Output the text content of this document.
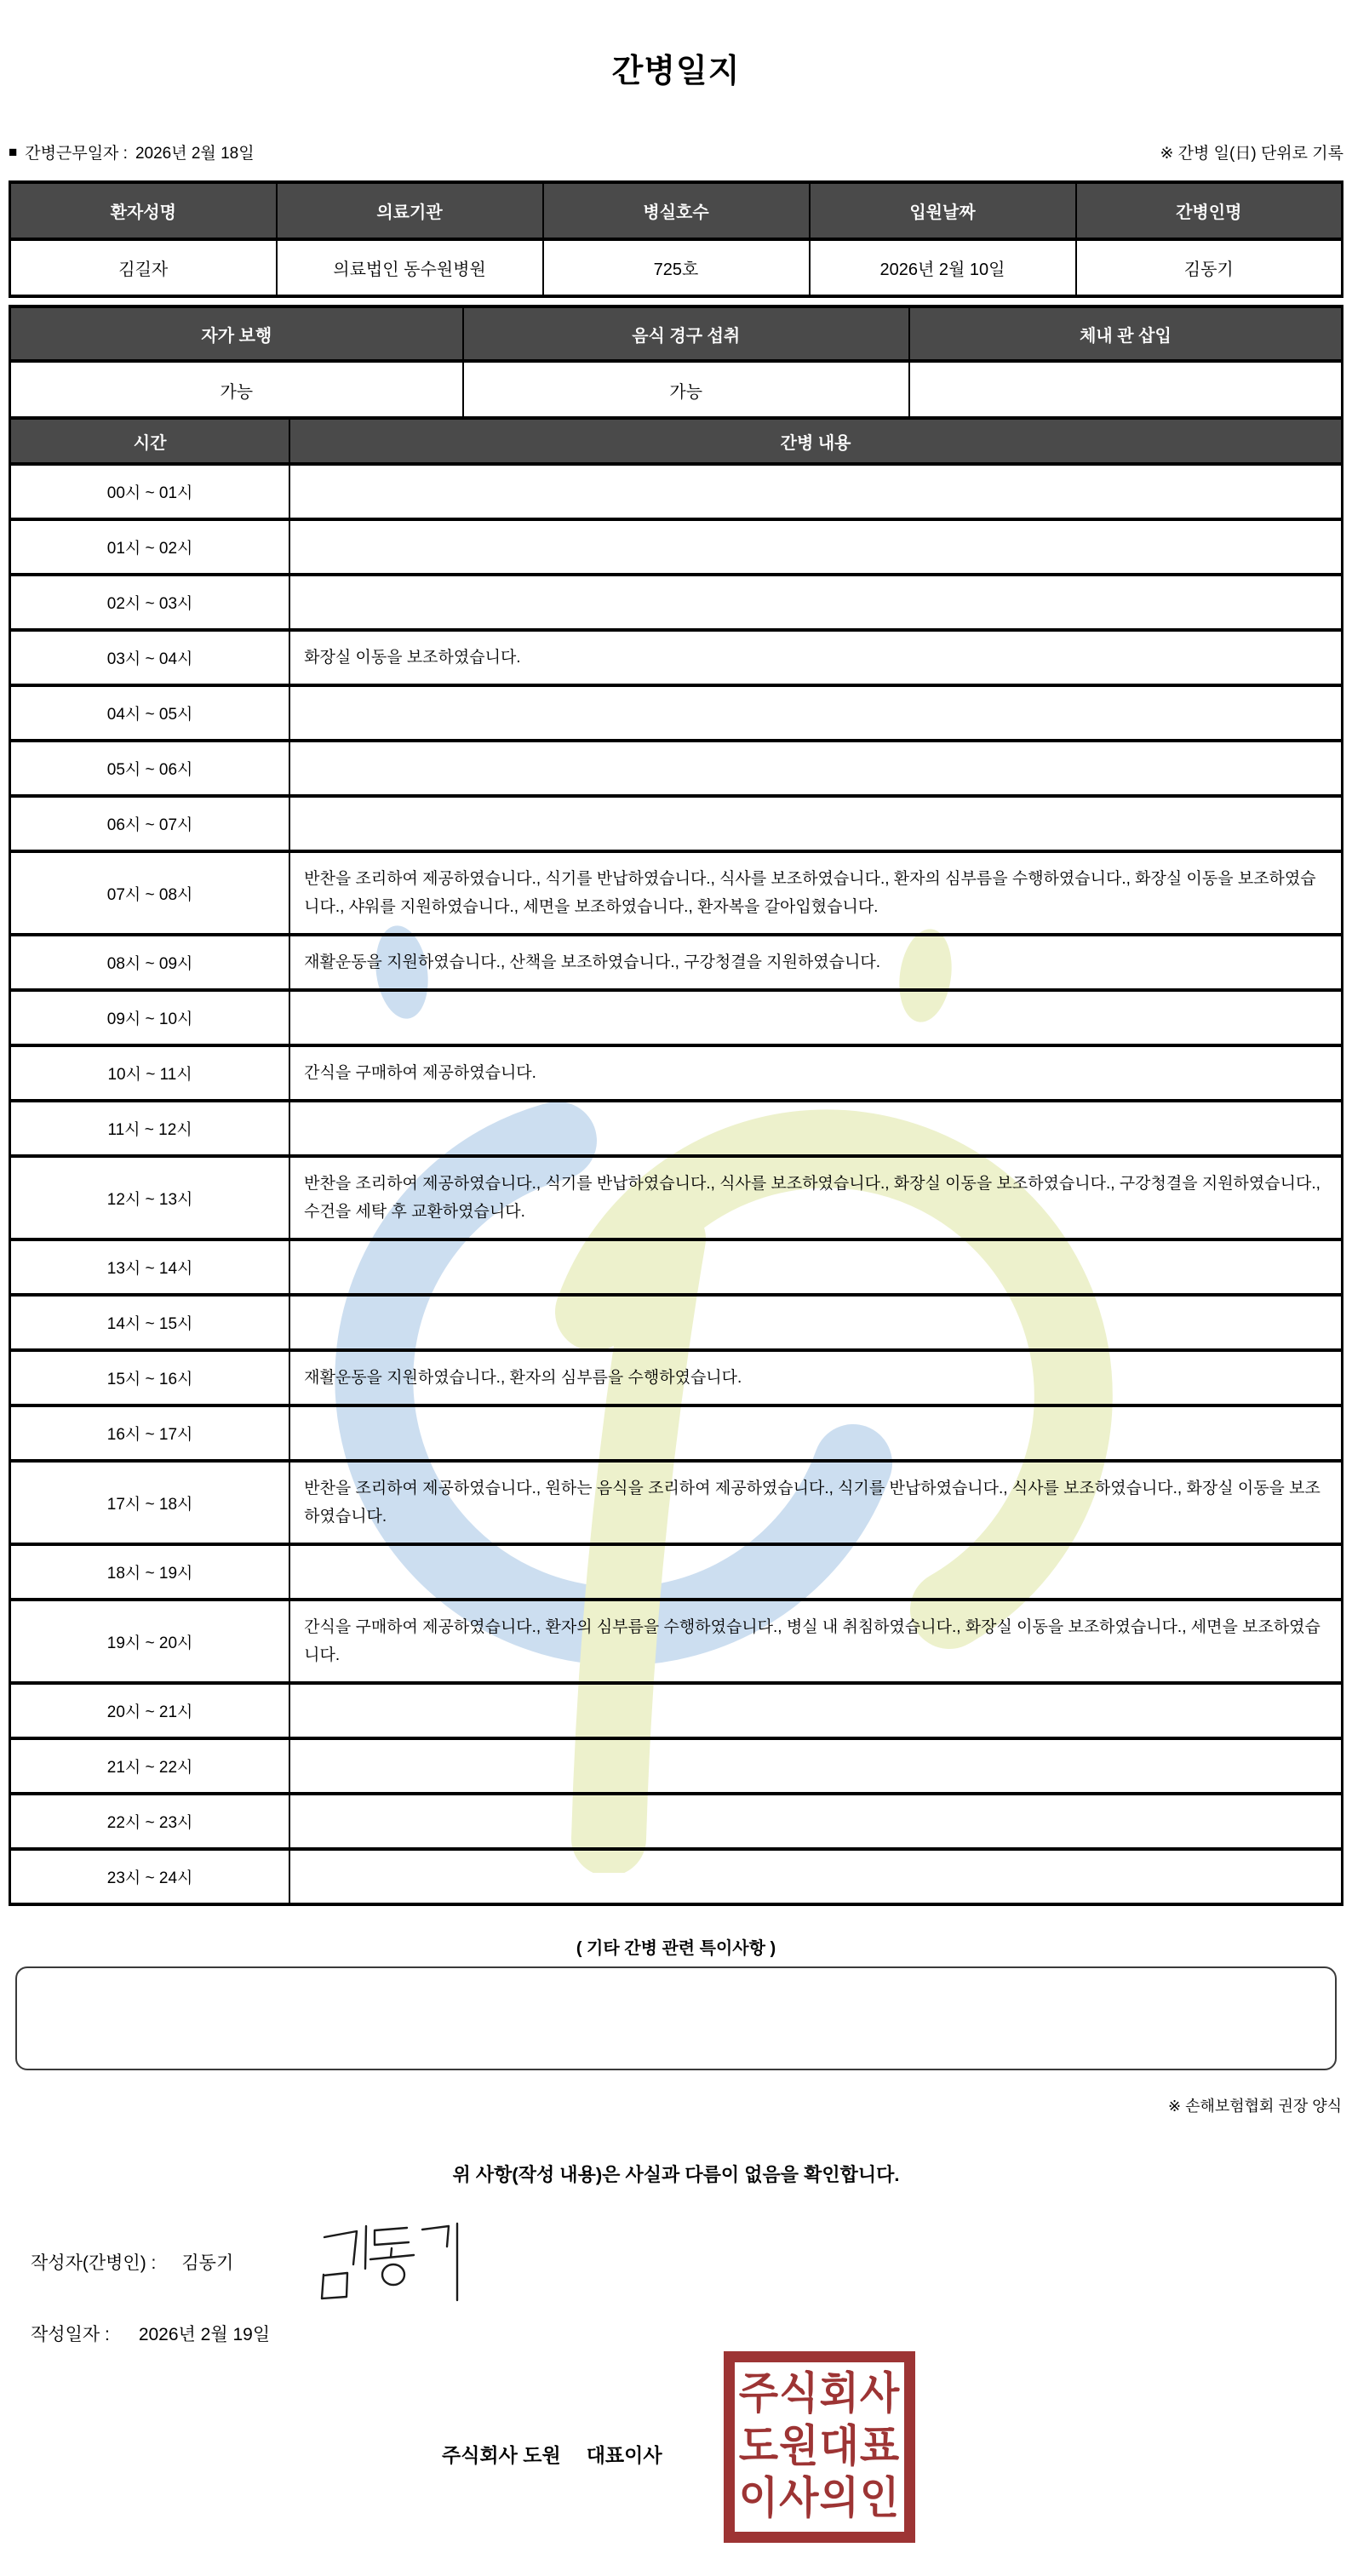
간병일지
■ 간병근무일자 : 2026년 2월 18일	※ 간병 일(日) 단위로 기록
환자성명	의료기관	병실호수	입원날짜	간병인명
김길자	의료법인 동수원병원	725호	2026년 2월 10일	김동기
자가 보행	음식 경구 섭취	체내 관 삽입
가능	가능	
시간	간병 내용
00시 ~ 01시	
01시 ~ 02시	
02시 ~ 03시	
03시 ~ 04시	화장실 이동을 보조하였습니다.
04시 ~ 05시	
05시 ~ 06시	
06시 ~ 07시	
07시 ~ 08시	반찬을 조리하여 제공하였습니다., 식기를 반납하였습니다., 식사를 보조하였습니다., 환자의 심부름을 수행하였습니다., 화장실 이동을 보조하였습니다., 샤워를 지원하였습니다., 세면을 보조하였습니다., 환자복을 갈아입혔습니다.
08시 ~ 09시	재활운동을 지원하였습니다., 산책을 보조하였습니다., 구강청결을 지원하였습니다.
09시 ~ 10시	
10시 ~ 11시	간식을 구매하여 제공하였습니다.
11시 ~ 12시	
12시 ~ 13시	반찬을 조리하여 제공하였습니다., 식기를 반납하였습니다., 식사를 보조하였습니다., 화장실 이동을 보조하였습니다., 구강청결을 지원하였습니다., 수건을 세탁 후 교환하였습니다.
13시 ~ 14시	
14시 ~ 15시	
15시 ~ 16시	재활운동을 지원하였습니다., 환자의 심부름을 수행하였습니다.
16시 ~ 17시	
17시 ~ 18시	반찬을 조리하여 제공하였습니다., 원하는 음식을 조리하여 제공하였습니다., 식기를 반납하였습니다., 식사를 보조하였습니다., 화장실 이동을 보조하였습니다.
18시 ~ 19시	
19시 ~ 20시	간식을 구매하여 제공하였습니다., 환자의 심부름을 수행하였습니다., 병실 내 취침하였습니다., 화장실 이동을 보조하였습니다., 세면을 보조하였습니다.
20시 ~ 21시	
21시 ~ 22시	
22시 ~ 23시	
23시 ~ 24시	
( 기타 간병 관련 특이사항 )
※ 손해보험협회 권장 양식
위 사항(작성 내용)은 사실과 다름이 없음을 확인합니다.
작성자(간병인) : 김동기
작성일자 : 2026년 2월 19일
주식회사 도원 대표이사
주식회사
도원대표
이사의인
